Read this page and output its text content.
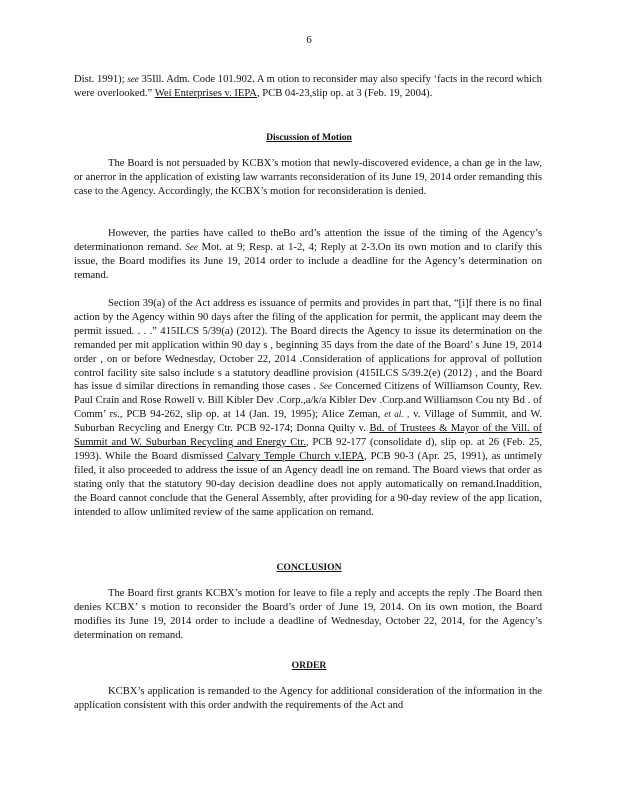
6
Dist. 1991); see 35Ill. Adm. Code 101.902. A m otion to reconsider may also specify ‘facts in the record which were overlooked.” Wei Enterprises v. IEPA, PCB 04-23,slip op. at 3 (Feb. 19, 2004).
Discussion of Motion
The Board is not persuaded by KCBX’s motion that newly-discovered evidence, a chan ge in the law, or anerror in the application of existing law warrants reconsideration of its June 19, 2014 order remanding this case to the Agency. Accordingly, the KCBX’s motion for reconsideration is denied.
However, the parties have called to theBo ard’s attention the issue of the timing of the Agency’s determinationon remand. See Mot. at 9; Resp. at 1-2, 4; Reply at 2-3.On its own motion and to clarify this issue, the Board modifies its June 19, 2014 order to include a deadline for the Agency’s determination on remand.
Section 39(a) of the Act address es issuance of permits and provides in part that, “[i]f there is no final action by the Agency within 90 days after the filing of the application for permit, the applicant may deem the permit issued. . . .” 415ILCS 5/39(a) (2012). The Board directs the Agency to issue its determination on the remanded per mit application within 90 day s , beginning 35 days from the date of the Board’ s June 19, 2014 order , on or before Wednesday, October 22, 2014 .Consideration of applications for approval of pollution control facility site salso include s a statutory deadline provision (415ILCS 5/39.2(e) (2012) , and the Board has issue d similar directions in remanding those cases . See Concerned Citizens of Williamson County, Rev. Paul Crain and Rose Rowell v. Bill Kibler Dev .Corp.,a/k/a Kibler Dev .Corp.and Williamson Cou nty Bd . of Comm’ rs., PCB 94-262, slip op. at 14 (Jan. 19, 1995); Alice Zeman, et al. , v. Village of Summit, and W. Suburban Recycling and Energy Ctr. PCB 92-174; Donna Quilty v. Bd. of Trustees & Mayor of the Vill. of Summit and W. Suburban Recycling and Energy Ctr., PCB 92-177 (consolidate d), slip op. at 26 (Feb. 25, 1993). While the Board dismissed Calvary Temple Church v.IEPA, PCB 90-3 (Apr. 25, 1991), as untimely filed, it also proceeded to address the issue of an Agency deadl ine on remand. The Board views that order as stating only that the statutory 90-day decision deadline does not apply automatically on remand.Inaddition, the Board cannot conclude that the General Assembly, after providing for a 90-day review of the app lication, intended to allow unlimited review of the same application on remand.
CONCLUSION
The Board first grants KCBX’s motion for leave to file a reply and accepts the reply .The Board then denies KCBX’ s motion to reconsider the Board’s order of June 19, 2014. On its own motion, the Board modifies its June 19, 2014 order to include a deadline of Wednesday, October 22, 2014, for the Agency’s determination on remand.
ORDER
KCBX’s application is remanded to the Agency for additional consideration of the information in the application consistent with this order andwith the requirements of the Act and
